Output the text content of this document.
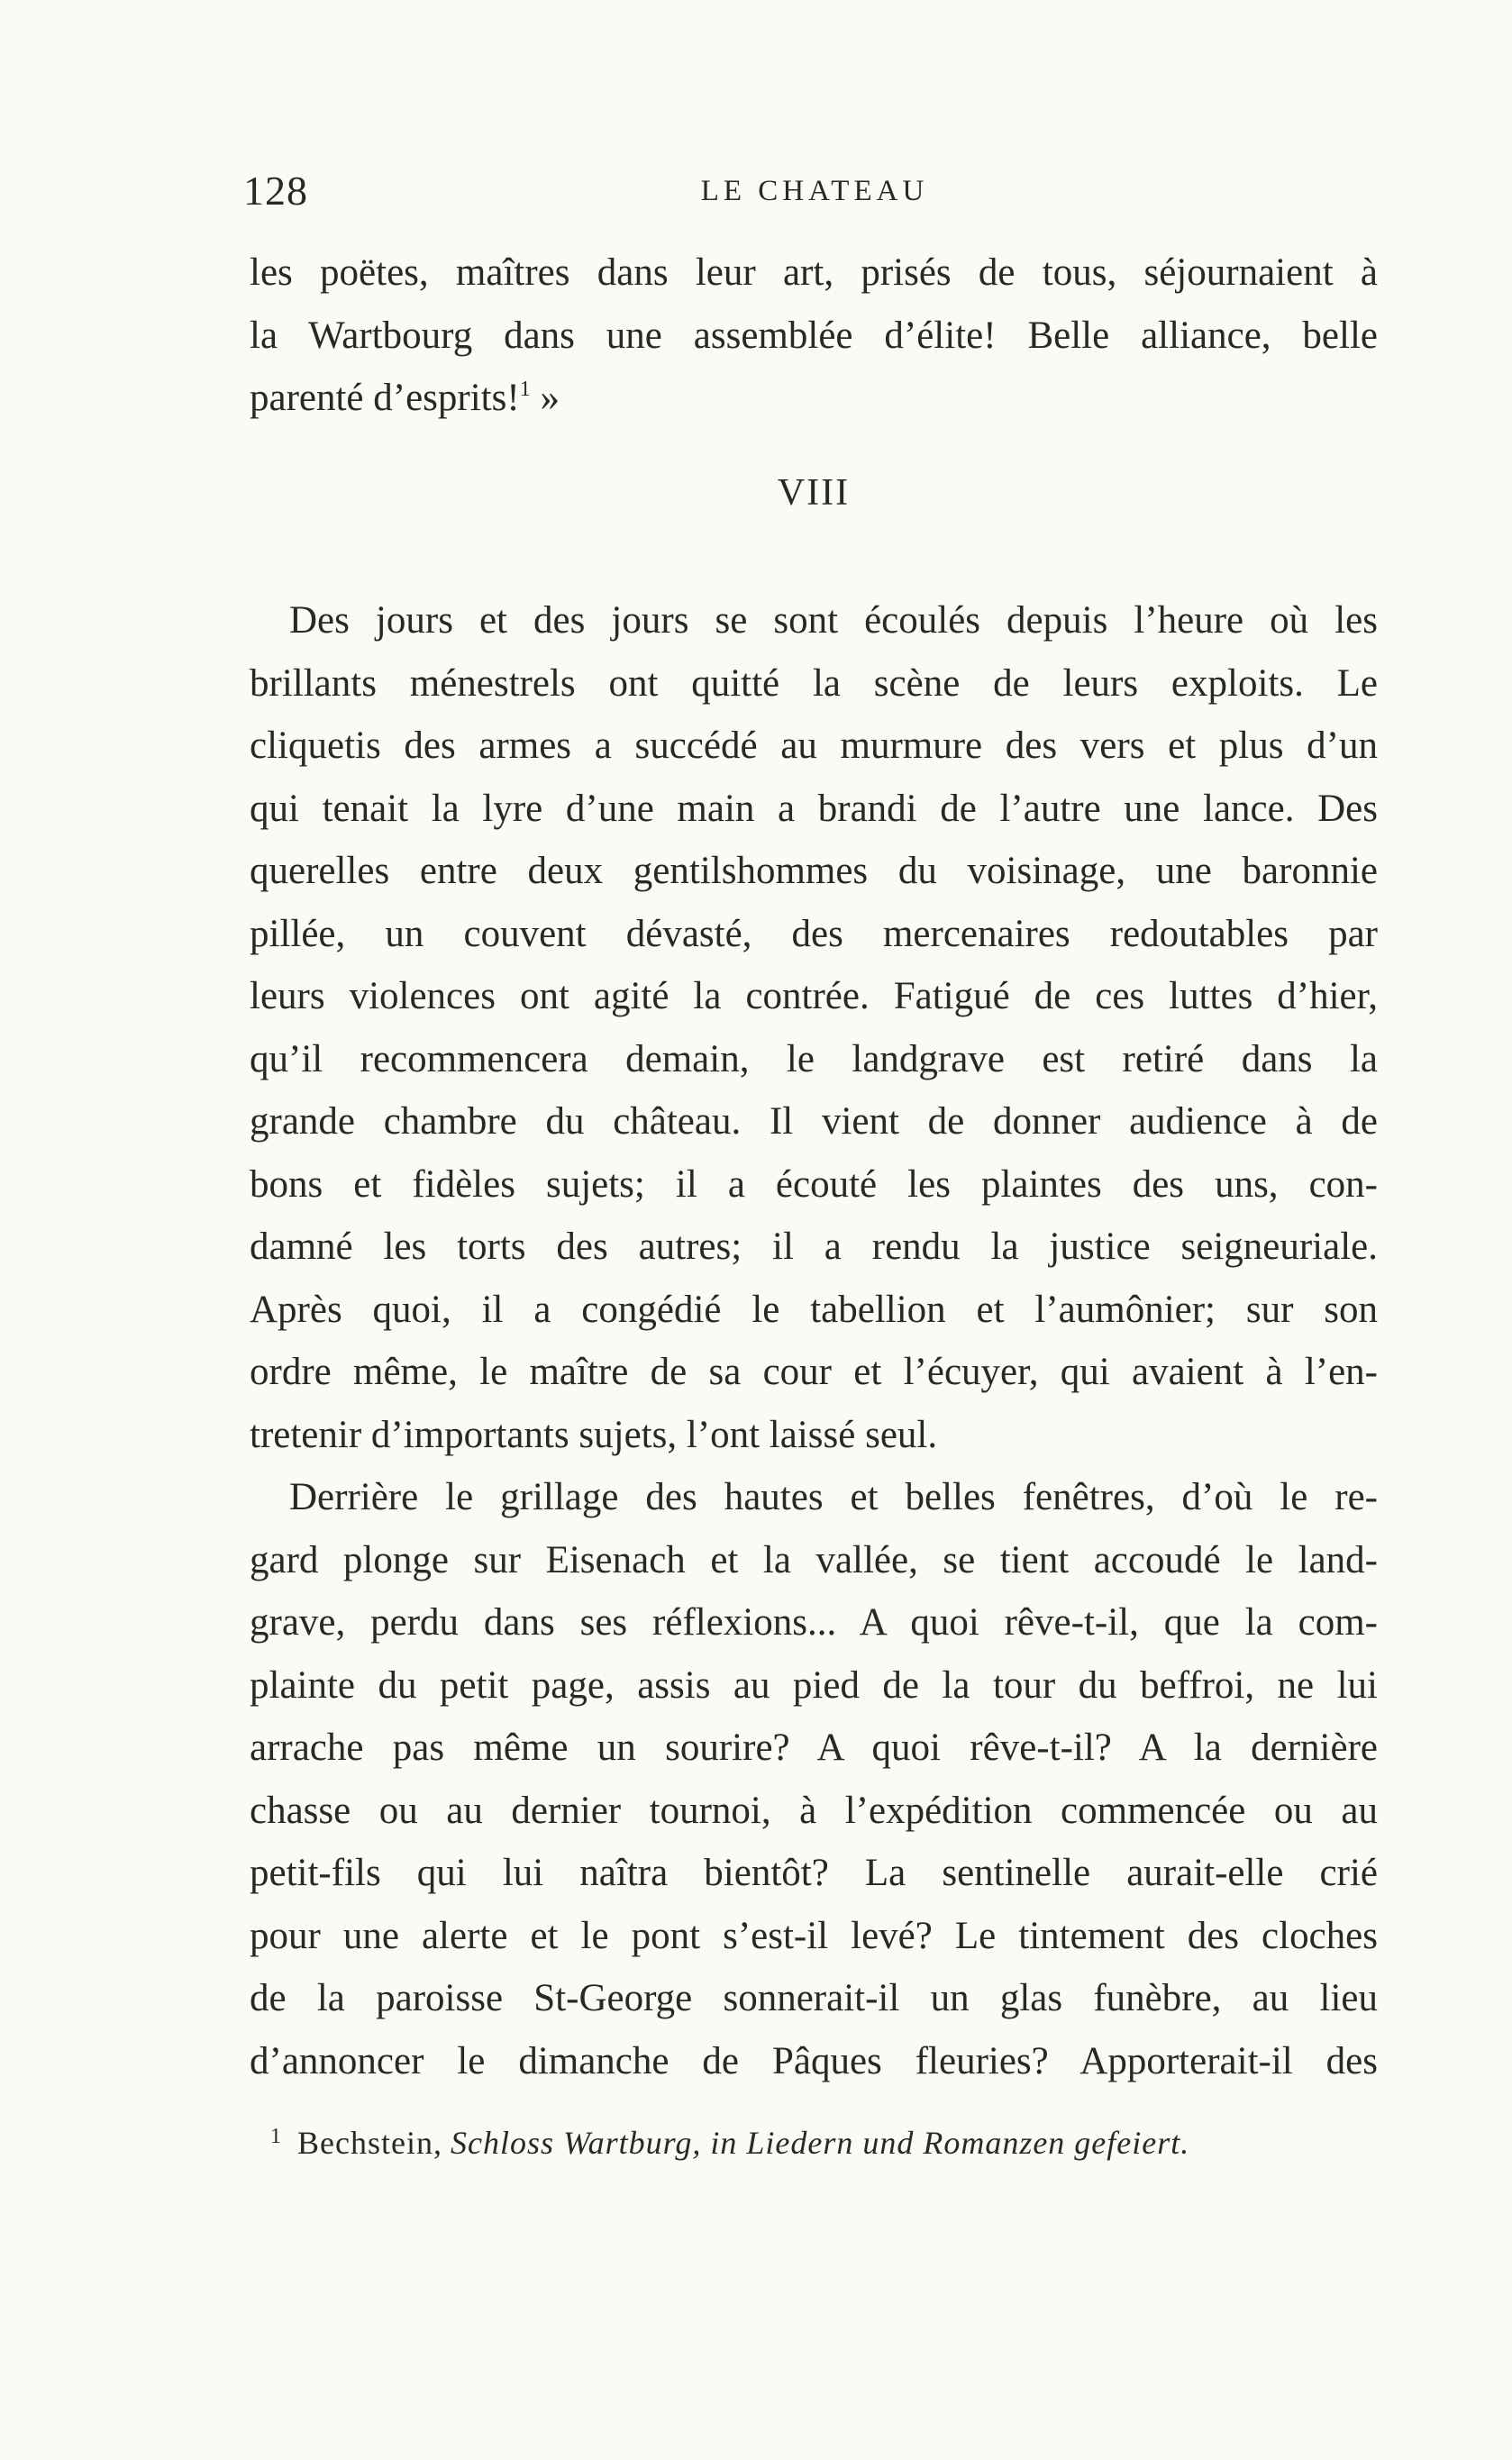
128	LE CHATEAU
les poëtes, maîtres dans leur art, prisés de tous, séjournaient à
la Wartbourg dans une assemblée d’élite! Belle alliance, belle
parenté d’esprits!$^1$ »
VIII
Des jours et des jours se sont écoulés depuis l’heure où les
brillants ménestrels ont quitté la scène de leurs exploits. Le
cliquetis des armes a succédé au murmure des vers et plus d’un
qui tenait la lyre d’une main a brandi de l’autre une lance. Des
querelles entre deux gentilshommes du voisinage, une baronnie
pillée, un couvent dévasté, des mercenaires redoutables par
leurs violences ont agité la contrée. Fatigué de ces luttes d’hier,
qu’il recommencera demain, le landgrave est retiré dans la
grande chambre du château. Il vient de donner audience à de
bons et fidèles sujets; il a écouté les plaintes des uns, con-
damné les torts des autres; il a rendu la justice seigneuriale.
Après quoi, il a congédié le tabellion et l’aumônier; sur son
ordre même, le maître de sa cour et l’écuyer, qui avaient à l’en-
tretenir d’importants sujets, l’ont laissé seul.
Derrière le grillage des hautes et belles fenêtres, d’où le re-
gard plonge sur Eisenach et la vallée, se tient accoudé le land-
grave, perdu dans ses réflexions... A quoi rêve-t-il, que la com-
plainte du petit page, assis au pied de la tour du beffroi, ne lui
arrache pas même un sourire? A quoi rêve-t-il? A la dernière
chasse ou au dernier tournoi, à l’expédition commencée ou au
petit-fils qui lui naîtra bientôt? La sentinelle aurait-elle crié
pour une alerte et le pont s’est-il levé? Le tintement des cloches
de la paroisse St-George sonnerait-il un glas funèbre, au lieu
d’annoncer le dimanche de Pâques fleuries? Apporterait-il des
$^1$ Bechstein, Schloss Wartburg, in Liedern und Romanzen gefeiert.
